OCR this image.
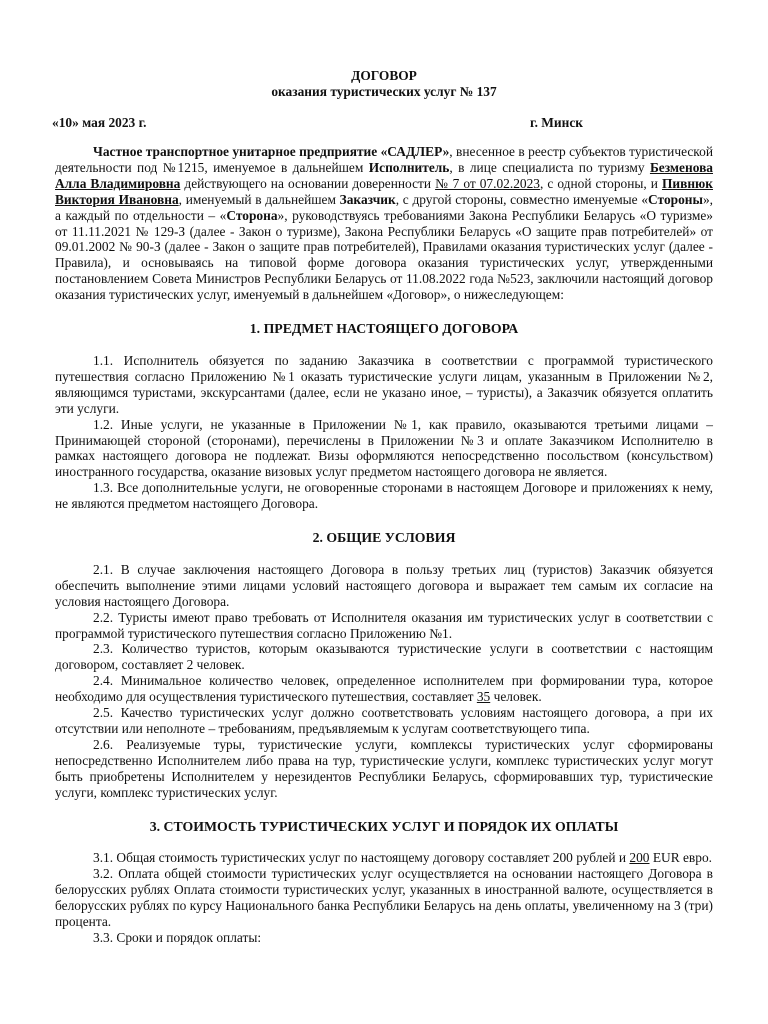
ДОГОВОР
оказания туристических услуг № 137
«10» мая 2023 г.	г. Минск

Частное транспортное унитарное предприятие «САДЛЕР», внесенное в реестр субъектов туристической деятельности под №1215, именуемое в дальнейшем Исполнитель, в лице специалиста по туризму Безменова Алла Владимировна действующего на основании доверенности № 7 от 07.02.2023, с одной стороны, и Пивнюк Виктория Ивановна, именуемый в дальнейшем Заказчик, с другой стороны, совместно именуемые «Стороны», а каждый по отдельности – «Сторона», руководствуясь требованиями Закона Республики Беларусь «О туризме» от 11.11.2021 № 129-З (далее - Закон о туризме), Закона Республики Беларусь «О защите прав потребителей» от 09.01.2002 № 90-З (далее - Закон о защите прав потребителей), Правилами оказания туристических услуг (далее - Правила), и основываясь на типовой форме договора оказания туристических услуг, утвержденными постановлением Совета Министров Республики Беларусь от 11.08.2022 года №523, заключили настоящий договор оказания туристических услуг, именуемый в дальнейшем «Договор», о нижеследующем:

1. ПРЕДМЕТ НАСТОЯЩЕГО ДОГОВОРА

1.1. Исполнитель обязуется по заданию Заказчика в соответствии с программой туристического путешествия согласно Приложению №1 оказать туристические услуги лицам, указанным в Приложении №2, являющимся туристами, экскурсантами (далее, если не указано иное, – туристы), а Заказчик обязуется оплатить эти услуги.

1.2. Иные услуги, не указанные в Приложении №1, как правило, оказываются третьими лицами – Принимающей стороной (сторонами), перечислены в Приложении №3 и оплате Заказчиком Исполнителю в рамках настоящего договора не подлежат. Визы оформляются непосредственно посольством (консульством) иностранного государства, оказание визовых услуг предметом настоящего договора не является.

1.3. Все дополнительные услуги, не оговоренные сторонами в настоящем Договоре и приложениях к нему, не являются предметом настоящего Договора.

2. ОБЩИЕ УСЛОВИЯ

2.1. В случае заключения настоящего Договора в пользу третьих лиц (туристов) Заказчик обязуется обеспечить выполнение этими лицами условий настоящего договора и выражает тем самым их согласие на условия настоящего Договора.

2.2. Туристы имеют право требовать от Исполнителя оказания им туристических услуг в соответствии с программой туристического путешествия согласно Приложению №1.

2.3. Количество туристов, которым оказываются туристические услуги в соответствии с настоящим договором, составляет 2 человек.

2.4. Минимальное количество человек, определенное исполнителем при формировании тура, которое необходимо для осуществления туристического путешествия, составляет 35 человек.

2.5. Качество туристических услуг должно соответствовать условиям настоящего договора, а при их отсутствии или неполноте – требованиям, предъявляемым к услугам соответствующего типа.

2.6. Реализуемые туры, туристические услуги, комплексы туристических услуг сформированы непосредственно Исполнителем либо права на тур, туристические услуги, комплекс туристических услуг могут быть приобретены Исполнителем у нерезидентов Республики Беларусь, сформировавших тур, туристические услуги, комплекс туристических услуг.

3. СТОИМОСТЬ ТУРИСТИЧЕСКИХ УСЛУГ И ПОРЯДОК ИХ ОПЛАТЫ

3.1. Общая стоимость туристических услуг по настоящему договору составляет 200 рублей и 200 EUR евро.

3.2. Оплата общей стоимости туристических услуг осуществляется на основании настоящего Договора в белорусских рублях Оплата стоимости туристических услуг, указанных в иностранной валюте, осуществляется в белорусских рублях по курсу Национального банка Республики Беларусь на день оплаты, увеличенному на 3 (три) процента.

3.3. Сроки и порядок оплаты:
